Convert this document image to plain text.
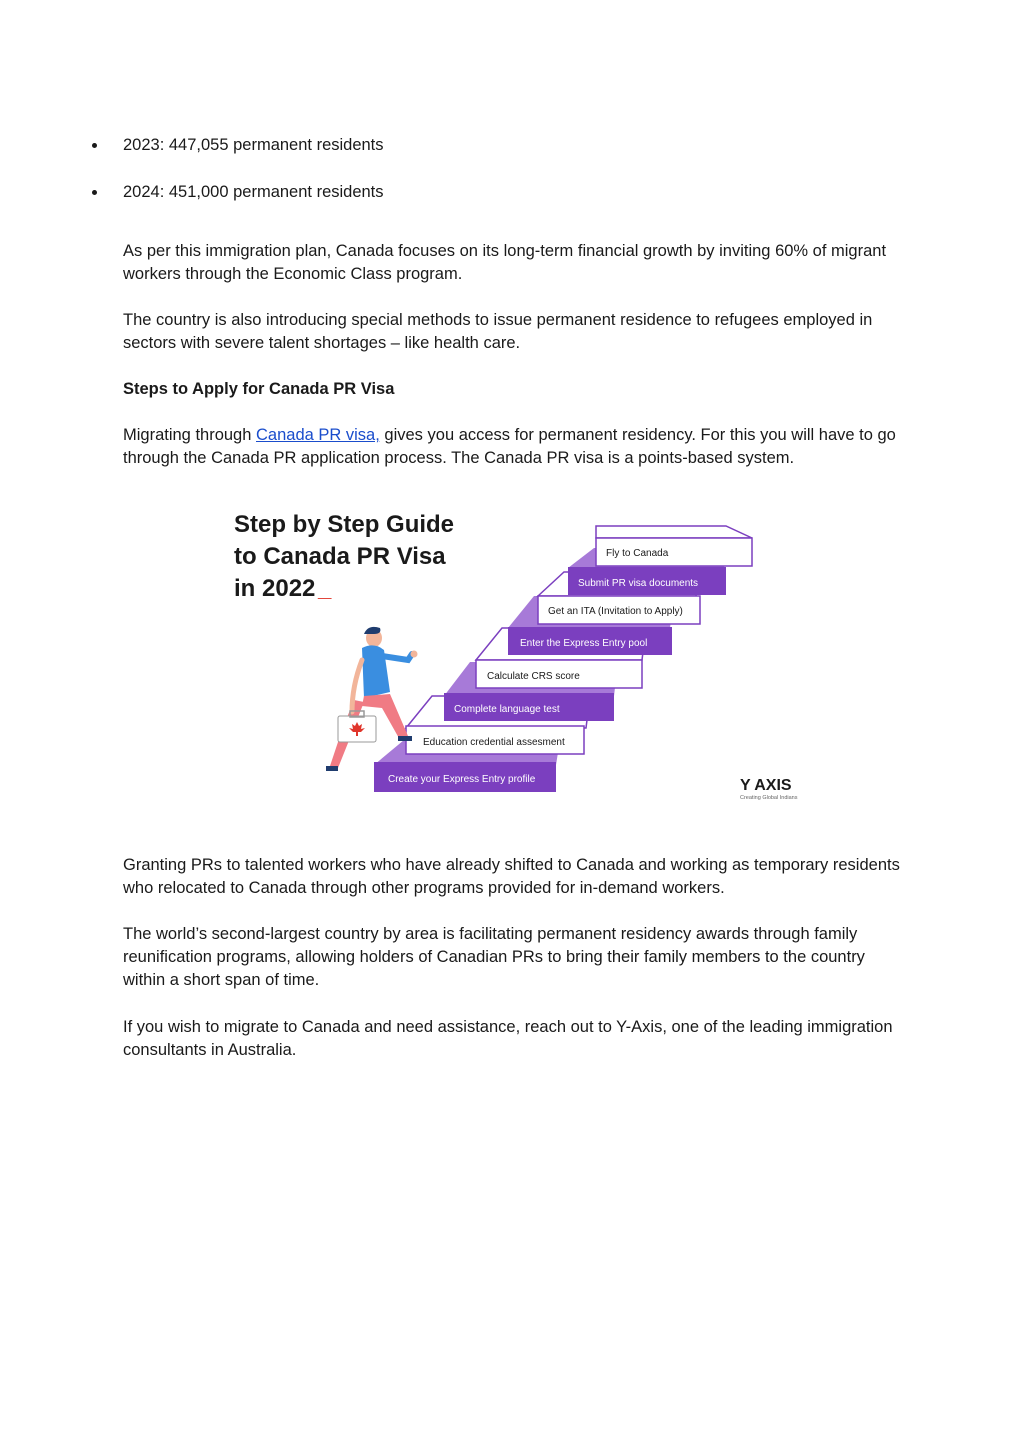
2023: 447,055 permanent residents
2024: 451,000 permanent residents

As per this immigration plan, Canada focuses on its long-term financial growth by inviting 60% of migrant workers through the Economic Class program.

The country is also introducing special methods to issue permanent residence to refugees employed in sectors with severe talent shortages – like health care.

Steps to Apply for Canada PR Visa

Migrating through Canada PR visa, gives you access for permanent residency. For this you will have to go through the Canada PR application process. The Canada PR visa is a points-based system.

Step by Step Guide
to Canada PR Visa
in 2022 _
Create your Express Entry profile
Education credential assesment
Complete language test
Calculate CRS score
Enter the Express Entry pool
Get an ITA (Invitation to Apply)
Submit PR visa documents
Fly to Canada
Y AXIS
Creating Global Indians

Granting PRs to talented workers who have already shifted to Canada and working as temporary residents who relocated to Canada through other programs provided for in-demand workers.

The world’s second-largest country by area is facilitating permanent residency awards through family reunification programs, allowing holders of Canadian PRs to bring their family members to the country within a short span of time.

If you wish to migrate to Canada and need assistance, reach out to Y-Axis, one of the leading immigration consultants in Australia.
